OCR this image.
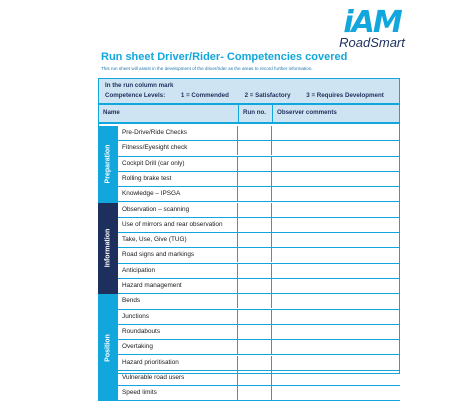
iAM
RoadSmart
Run sheet Driver/Rider- Competencies covered
This run sheet will assist in the development of the driver/rider as the areas to record further information.
In the run column mark
Competence Levels:	1 = Commended	2 = Satisfactory	3 = Requires Development
Name	Run no.	Observer comments
Preparation
Pre-Drive/Ride Checks
Fitness/Eyesight check
Cockpit Drill (car only)
Rolling brake test
Knowledge – IPSGA
Information
Observation – scanning
Use of mirrors and rear observation
Take, Use, Give (TUG)
Road signs and markings
Anticipation
Hazard management
Position
Bends
Junctions
Roundabouts
Overtaking
Hazard prioritisation
Vulnerable road users
Speed limits
